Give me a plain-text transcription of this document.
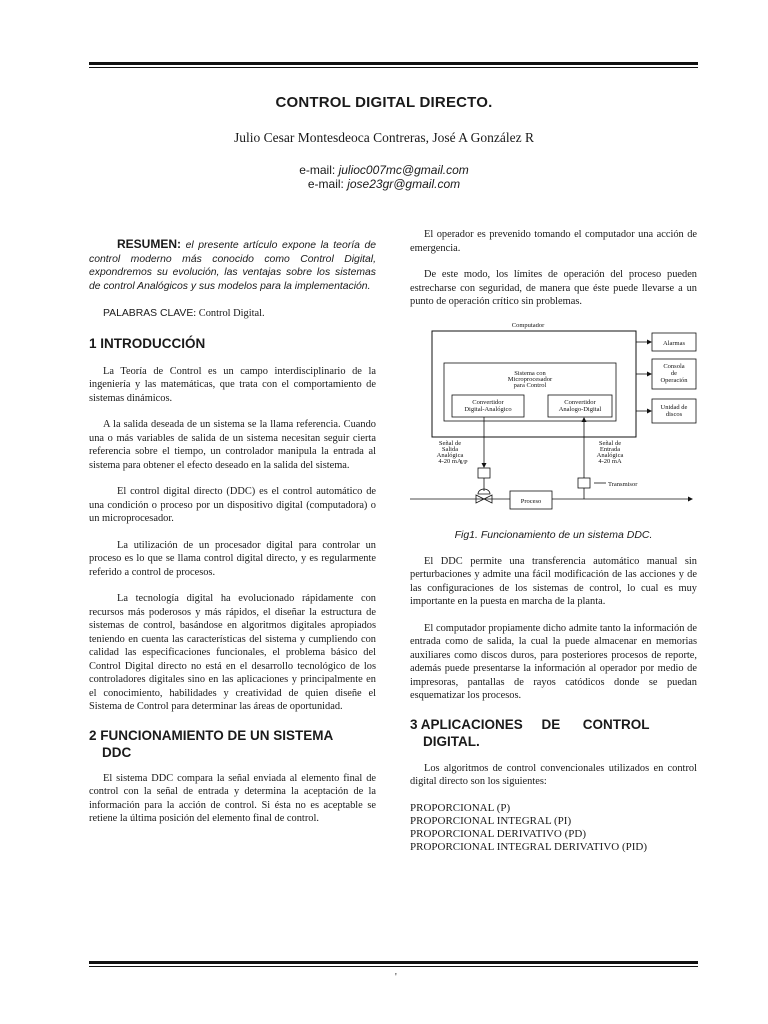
CONTROL DIGITAL DIRECTO.
Julio Cesar Montesdeoca Contreras, José A González R
e-mail: julioc007mc@gmail.com
e-mail: jose23gr@gmail.com

RESUMEN: el presente artículo expone la teoría de control moderno más conocido como Control Digital, expondremos su evolución, las ventajas sobre los sistemas de control Analógicos y sus modelos para la implementación.

PALABRAS CLAVE: Control Digital.

1 INTRODUCCIÓN

La Teoría de Control es un campo interdisciplinario de la ingeniería y las matemáticas, que trata con el comportamiento de sistemas dinámicos.

A la salida deseada de un sistema se la llama referencia. Cuando una o más variables de salida de un sistema necesitan seguir cierta referencia sobre el tiempo, un controlador manipula la entrada al sistema para obtener el efecto deseado en la salida del sistema.

El control digital directo (DDC) es el control automático de una condición o proceso por un dispositivo digital (computadora) o un microprocesador.

La utilización de un procesador digital para controlar un proceso es lo que se llama control digital directo, y es regularmente referido a control de procesos.

La tecnología digital ha evolucionado rápidamente con recursos más poderosos y más rápidos, el diseñar la estructura de sistemas de control, basándose en algoritmos digitales apropiados teniendo en cuenta las características del sistema y cumpliendo con calidad las especificaciones funcionales, el problema básico del Control Digital directo no está en el desarrollo tecnológico de los controladores digitales sino en las aplicaciones y principalmente en el conocimiento, habilidades y creatividad de quien diseñe el Sistema de Control para determinar las áreas de oportunidad.

2 FUNCIONAMIENTO DE UN SISTEMA
DDC

El sistema DDC compara la señal enviada al elemento final de control con la señal de entrada y determina la aceptación de la información para la acción de control. Si ésta no es aceptable se retiene la última posición del elemento final de control.

El operador es prevenido tomando el computador una acción de emergencia.

De este modo, los límites de operación del proceso pueden estrecharse con seguridad, de manera que éste puede llevarse a un punto de operación crítico sin problemas.

Computador
Sistema con
Microprocesador
para Control
Convertidor
Digital-Analógico
Convertidor
Analogo-Digital
Alarmas
Consola
de
Operación
Unidad de
discos
I/P
Transmisor
Proceso
Señal de
Salida
Analógica
4-20 mA
Señal de
Entrada
Analógica
4-20 mA
Fig1. Funcionamiento de un sistema DDC.

El DDC permite una transferencia automático manual sin perturbaciones y admite una fácil modificación de las acciones y de las configuraciones de los sistemas de control, lo cual es muy importante en la puesta en marcha de la planta.

El computador propiamente dicho admite tanto la información de entrada como de salida, la cual la puede almacenar en memorias auxiliares como discos duros, para posteriores procesos de reporte, además puede presentarse la información al operador por medio de impresoras, pantallas de rayos catódicos donde se puedan esquematizar los procesos.

3 APLICACIONES     DE      CONTROL
DIGITAL.

Los algoritmos de control convencionales utilizados en control digital directo son los siguientes:

PROPORCIONAL (P)

PROPORCIONAL INTEGRAL (PI)

PROPORCIONAL DERIVATIVO (PD)

PROPORCIONAL INTEGRAL DERIVATIVO (PID)

'
